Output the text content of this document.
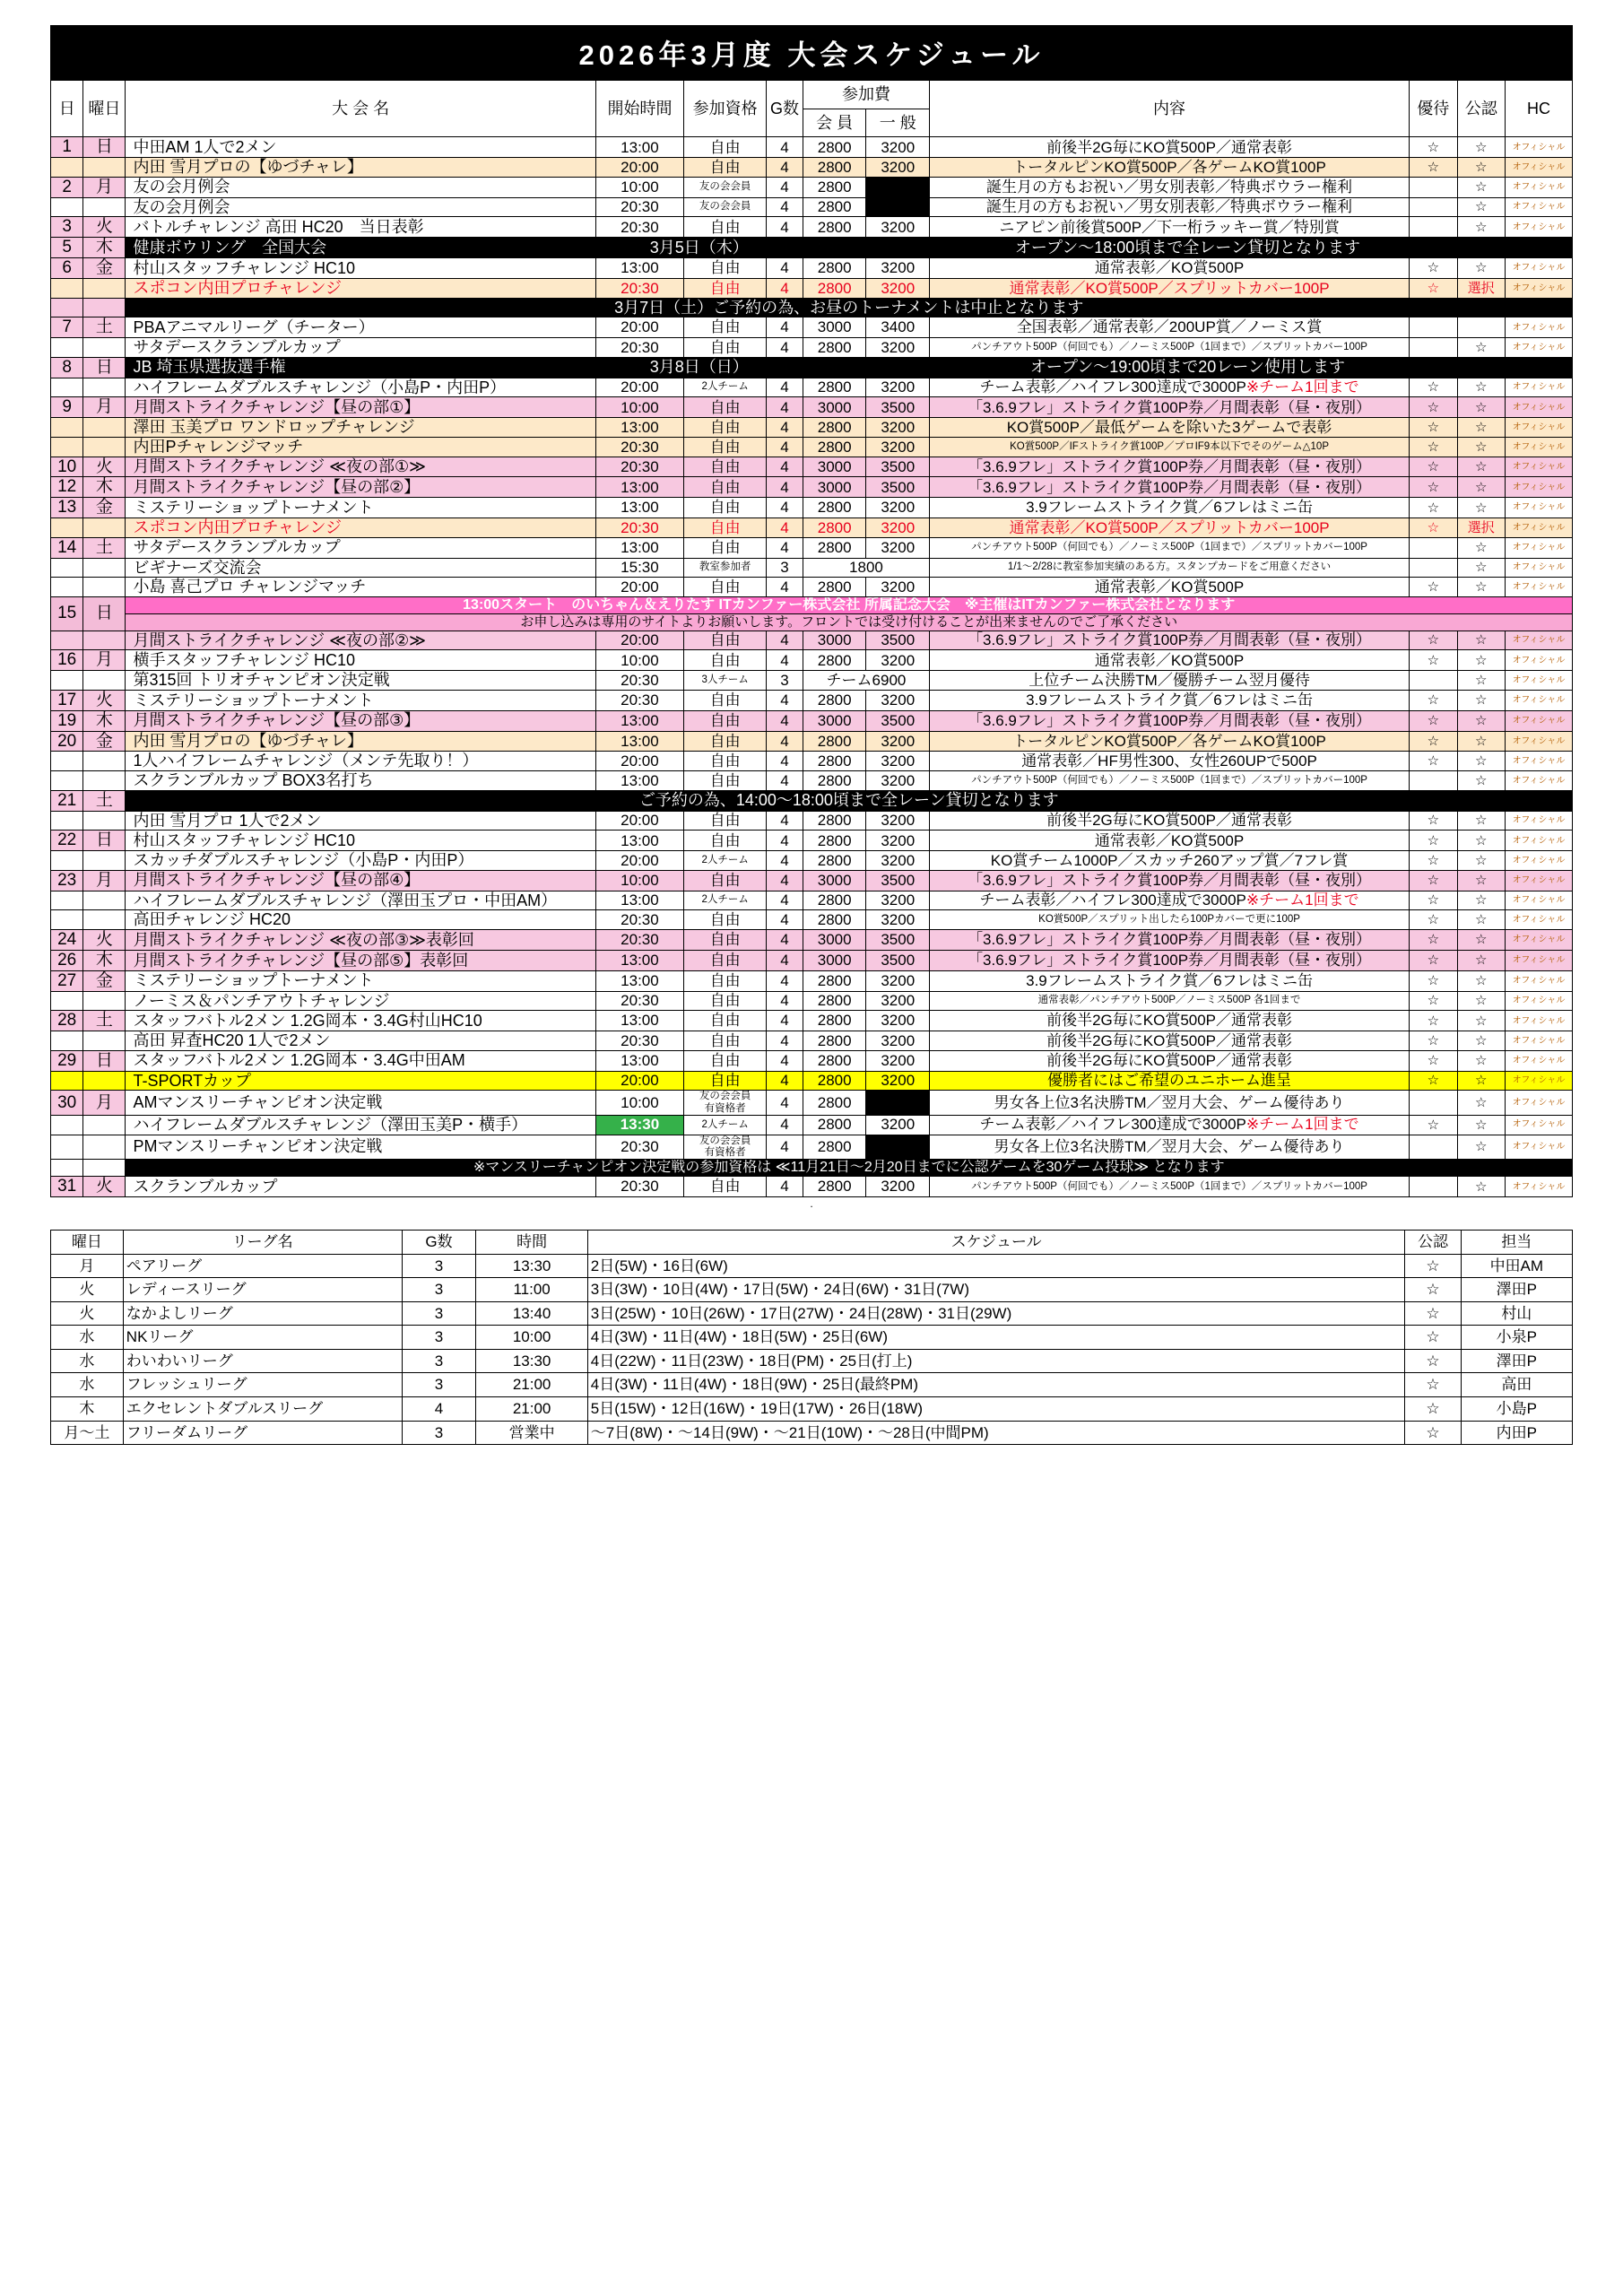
2026年3月度 大会スケジュール
日	曜日	大 会 名	開始時間	参加資格	G数	参加費		内容	優待	公認	HC
						会 員	一 般				
1	日	中田AM 1人で2メン	13:00	自由	4	2800	3200	前後半2G毎にKO賞500P／通常表彰	☆	☆	オフィシャル
		内田 雪月プロの【ゆづチャレ】	20:00	自由	4	2800	3200	トータルピンKO賞500P／各ゲームKO賞100P	☆	☆	オフィシャル
2	月	友の会月例会	10:00	友の会会員	4	2800		誕生月の方もお祝い／男女別表彰／特典ボウラー権利		☆	オフィシャル
		友の会月例会	20:30	友の会会員	4	2800		誕生月の方もお祝い／男女別表彰／特典ボウラー権利		☆	オフィシャル
3	火	バトルチャレンジ 高田 HC20　当日表彰	20:30	自由	4	2800	3200	ニアピン前後賞500P／下一桁ラッキー賞／特別賞		☆	オフィシャル
5	木	健康ボウリング　全国大会	3月5日（木）			オープン～18:00頃まで全レーン貸切となります					
6	金	村山スタッフチャレンジ HC10	13:00	自由	4	2800	3200	通常表彰／KO賞500P	☆	☆	オフィシャル
		スポコン内田プロチャレンジ	20:30	自由	4	2800	3200	通常表彰／KO賞500P／スプリットカバー100P	☆	選択	オフィシャル
		3月7日（土）ご予約の為、お昼のトーナメントは中止となります									
7	土	PBAアニマルリーグ（チーター）	20:00	自由	4	3000	3400	全国表彰／通常表彰／200UP賞／ノーミス賞			オフィシャル
		サタデースクランブルカップ	20:30	自由	4	2800	3200	パンチアウト500P（何回でも）／ノーミス500P（1回まで）／スプリットカバー100P		☆	オフィシャル
8	日	JB 埼玉県選抜選手権	3月8日（日）			オープン～19:00頃まで20レーン使用します					
		ハイフレームダブルスチャレンジ（小島P・内田P）	20:00	2人チーム	4	2800	3200	チーム表彰／ハイフレ300達成で3000P※チーム1回まで	☆	☆	オフィシャル
9	月	月間ストライクチャレンジ【昼の部①】	10:00	自由	4	3000	3500	「3.6.9フレ」ストライク賞100P券／月間表彰（昼・夜別）	☆	☆	オフィシャル
		澤田 玉美プロ ワンドロップチャレンジ	13:00	自由	4	2800	3200	KO賞500P／最低ゲームを除いた3ゲームで表彰	☆	☆	オフィシャル
		内田Pチャレンジマッチ	20:30	自由	4	2800	3200	KO賞500P／IFストライク賞100P／プロIF9本以下でそのゲーム△10P	☆	☆	オフィシャル
10	火	月間ストライクチャレンジ ≪夜の部①≫	20:30	自由	4	3000	3500	「3.6.9フレ」ストライク賞100P券／月間表彰（昼・夜別）	☆	☆	オフィシャル
12	木	月間ストライクチャレンジ【昼の部②】	13:00	自由	4	3000	3500	「3.6.9フレ」ストライク賞100P券／月間表彰（昼・夜別）	☆	☆	オフィシャル
13	金	ミステリーショップトーナメント	13:00	自由	4	2800	3200	3.9フレームストライク賞／6フレはミニ缶	☆	☆	オフィシャル
		スポコン内田プロチャレンジ	20:30	自由	4	2800	3200	通常表彰／KO賞500P／スプリットカバー100P	☆	選択	オフィシャル
14	土	サタデースクランブルカップ	13:00	自由	4	2800	3200	パンチアウト500P（何回でも）／ノーミス500P（1回まで）／スプリットカバー100P		☆	オフィシャル
		ビギナーズ交流会	15:30	教室参加者	3	1800		1/1～2/28に教室参加実績のある方。スタンプカードをご用意ください		☆	オフィシャル
		小島 喜己プロ チャレンジマッチ	20:00	自由	4	2800	3200	通常表彰／KO賞500P	☆	☆	オフィシャル
15	日	13:00スタート　のいちゃん＆えりたす ITカンファー株式会社 所属記念大会　※主催はITカンファー株式会社となります									
		お申し込みは専用のサイトよりお願いします。フロントでは受け付けることが出来ませんのでご了承ください									
		月間ストライクチャレンジ ≪夜の部②≫	20:00	自由	4	3000	3500	「3.6.9フレ」ストライク賞100P券／月間表彰（昼・夜別）	☆	☆	オフィシャル
16	月	横手スタッフチャレンジ HC10	10:00	自由	4	2800	3200	通常表彰／KO賞500P	☆	☆	オフィシャル
		第315回 トリオチャンピオン決定戦	20:30	3人チーム	3	チーム6900		上位チーム決勝TM／優勝チーム翌月優待		☆	オフィシャル
17	火	ミステリーショップトーナメント	20:30	自由	4	2800	3200	3.9フレームストライク賞／6フレはミニ缶	☆	☆	オフィシャル
19	木	月間ストライクチャレンジ【昼の部③】	13:00	自由	4	3000	3500	「3.6.9フレ」ストライク賞100P券／月間表彰（昼・夜別）	☆	☆	オフィシャル
20	金	内田 雪月プロの【ゆづチャレ】	13:00	自由	4	2800	3200	トータルピンKO賞500P／各ゲームKO賞100P	☆	☆	オフィシャル
		1人ハイフレームチャレンジ（メンテ先取り！）	20:00	自由	4	2800	3200	通常表彰／HF男性300、女性260UPで500P	☆	☆	オフィシャル
		スクランブルカップ BOX3名打ち	13:00	自由	4	2800	3200	パンチアウト500P（何回でも）／ノーミス500P（1回まで）／スプリットカバー100P		☆	オフィシャル
21	土	ご予約の為、14:00～18:00頃まで全レーン貸切となります									
		内田 雪月プロ 1人で2メン	20:00	自由	4	2800	3200	前後半2G毎にKO賞500P／通常表彰	☆	☆	オフィシャル
22	日	村山スタッフチャレンジ HC10	13:00	自由	4	2800	3200	通常表彰／KO賞500P	☆	☆	オフィシャル
		スカッチダブルスチャレンジ（小島P・内田P）	20:00	2人チーム	4	2800	3200	KO賞チーム1000P／スカッチ260アップ賞／7フレ賞	☆	☆	オフィシャル
23	月	月間ストライクチャレンジ【昼の部④】	10:00	自由	4	3000	3500	「3.6.9フレ」ストライク賞100P券／月間表彰（昼・夜別）	☆	☆	オフィシャル
		ハイフレームダブルスチャレンジ（澤田玉プロ・中田AM）	13:00	2人チーム	4	2800	3200	チーム表彰／ハイフレ300達成で3000P※チーム1回まで	☆	☆	オフィシャル
		高田チャレンジ HC20	20:30	自由	4	2800	3200	KO賞500P／スプリット出したら100Pカバーで更に100P	☆	☆	オフィシャル
24	火	月間ストライクチャレンジ ≪夜の部③≫表彰回	20:30	自由	4	3000	3500	「3.6.9フレ」ストライク賞100P券／月間表彰（昼・夜別）	☆	☆	オフィシャル
26	木	月間ストライクチャレンジ【昼の部⑤】表彰回	13:00	自由	4	3000	3500	「3.6.9フレ」ストライク賞100P券／月間表彰（昼・夜別）	☆	☆	オフィシャル
27	金	ミステリーショップトーナメント	13:00	自由	4	2800	3200	3.9フレームストライク賞／6フレはミニ缶	☆	☆	オフィシャル
		ノーミス＆パンチアウトチャレンジ	20:30	自由	4	2800	3200	通常表彰／パンチアウト500P／ノーミス500P 各1回まで	☆	☆	オフィシャル
28	土	スタッフバトル2メン 1.2G岡本・3.4G村山HC10	13:00	自由	4	2800	3200	前後半2G毎にKO賞500P／通常表彰	☆	☆	オフィシャル
		高田 昇査HC20 1人で2メン	20:30	自由	4	2800	3200	前後半2G毎にKO賞500P／通常表彰	☆	☆	オフィシャル
29	日	スタッフバトル2メン 1.2G岡本・3.4G中田AM	13:00	自由	4	2800	3200	前後半2G毎にKO賞500P／通常表彰	☆	☆	オフィシャル
		T-SPORTカップ	20:00	自由	4	2800	3200	優勝者にはご希望のユニホーム進呈	☆	☆	オフィシャル
30	月	AMマンスリーチャンピオン決定戦	10:00	友の会会員
有資格者	4	2800		男女各上位3名決勝TM／翌月大会、ゲーム優待あり		☆	オフィシャル
		ハイフレームダブルスチャレンジ（澤田玉美P・横手）	13:30	2人チーム	4	2800	3200	チーム表彰／ハイフレ300達成で3000P※チーム1回まで	☆	☆	オフィシャル
		PMマンスリーチャンピオン決定戦	20:30	友の会会員
有資格者	4	2800		男女各上位3名決勝TM／翌月大会、ゲーム優待あり		☆	オフィシャル
		※マンスリーチャンピオン決定戦の参加資格は ≪11月21日～2月20日までに公認ゲームを30ゲーム投球≫ となります									
31	火	スクランブルカップ	20:30	自由	4	2800	3200	パンチアウト500P（何回でも）／ノーミス500P（1回まで）／スプリットカバー100P		☆	オフィシャル
.
曜日	リーグ名	G数	時間	スケジュール	公認	担当
月	ペアリーグ	3	13:30	2日(5W)・16日(6W)	☆	中田AM
火	レディースリーグ	3	11:00	3日(3W)・10日(4W)・17日(5W)・24日(6W)・31日(7W)	☆	澤田P
火	なかよしリーグ	3	13:40	3日(25W)・10日(26W)・17日(27W)・24日(28W)・31日(29W)	☆	村山
水	NKリーグ	3	10:00	4日(3W)・11日(4W)・18日(5W)・25日(6W)	☆	小泉P
水	わいわいリーグ	3	13:30	4日(22W)・11日(23W)・18日(PM)・25日(打上)	☆	澤田P
水	フレッシュリーグ	3	21:00	4日(3W)・11日(4W)・18日(9W)・25日(最終PM)	☆	高田
木	エクセレントダブルスリーグ	4	21:00	5日(15W)・12日(16W)・19日(17W)・26日(18W)	☆	小島P
月～土	フリーダムリーグ	3	営業中	～7日(8W)・～14日(9W)・～21日(10W)・～28日(中間PM)	☆	内田P
